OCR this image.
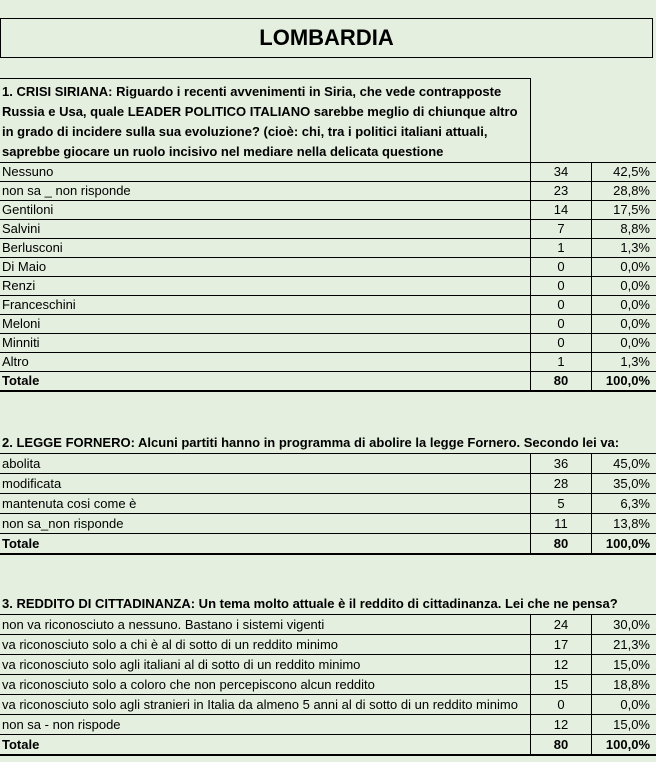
LOMBARDIA
1. CRISI SIRIANA: Riguardo i recenti avvenimenti in Siria, che vede contrapposte Russia e Usa, quale LEADER POLITICO ITALIANO sarebbe meglio di chiunque altro in grado di incidere sulla sua evoluzione? (cioè: chi, tra i politici italiani attuali, saprebbe giocare un ruolo incisivo nel mediare nella delicata questione
Nessuno	34	42,5%
non sa _ non risponde	23	28,8%
Gentiloni	14	17,5%
Salvini	7	8,8%
Berlusconi	1	1,3%
Di Maio	0	0,0%
Renzi	0	0,0%
Franceschini	0	0,0%
Meloni	0	0,0%
Minniti	0	0,0%
Altro	1	1,3%
Totale	80	100,0%
2. LEGGE FORNERO: Alcuni partiti hanno in programma di abolire la legge Fornero. Secondo lei va:
abolita	36	45,0%
modificata	28	35,0%
mantenuta cosi come è	5	6,3%
non sa_non risponde	11	13,8%
Totale	80	100,0%
3. REDDITO DI CITTADINANZA: Un tema molto attuale è il reddito di cittadinanza. Lei che ne pensa?
non va riconosciuto a nessuno. Bastano i sistemi vigenti	24	30,0%
va riconosciuto solo a chi è al di sotto di un reddito minimo	17	21,3%
va riconosciuto solo agli italiani al di sotto di un reddito minimo	12	15,0%
va riconosciuto solo a coloro che non percepiscono alcun reddito	15	18,8%
va riconosciuto solo agli stranieri in Italia da almeno 5 anni al di sotto di un reddito minimo	0	0,0%
non sa - non rispode	12	15,0%
Totale	80	100,0%
